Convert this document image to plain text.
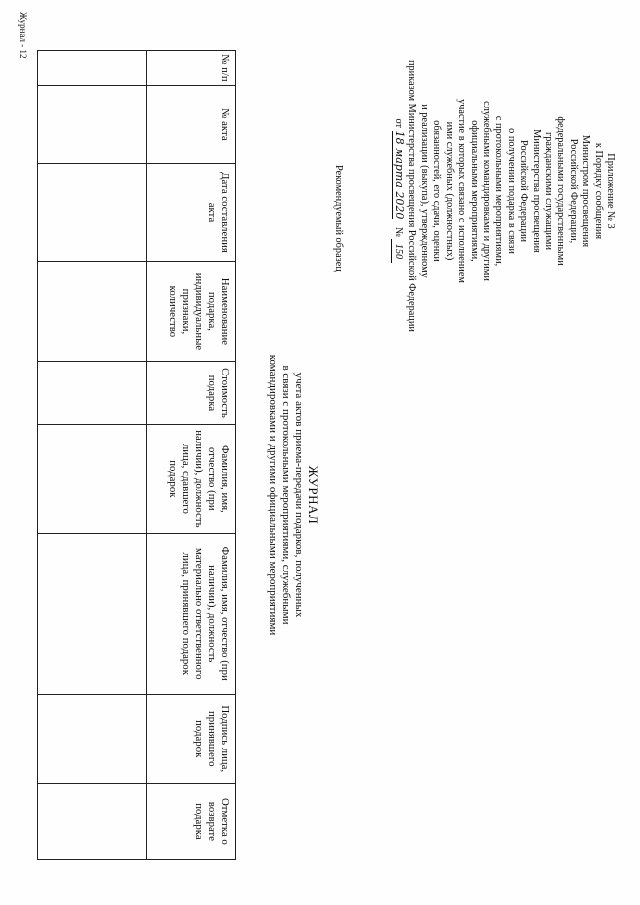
Приложение № 3
к Порядку сообщения
Министром просвещения
Российской Федерации,
федеральными государственными
гражданскими служащими
Министерства просвещения
Российской Федерации
о получении подарка в связи
с протокольными мероприятиями,
служебными командировками и другими
официальными мероприятиями,
участие в которых связано с исполнением
ими служебных (должностных)
обязанностей, его сдачи, оценки
и реализации (выкупа), утвержденному
приказом Министерства просвещения Российской Федерации
от 18 марта 2020   № 150
Рекомендуемый образец
ЖУРНАЛ
учета актов приема-передачи подарков, полученных
в связи с протокольными мероприятиями, служебными
командировками и другими официальными мероприятиями
№ п/п	№ акта	Дата составления акта	Наименование подарка, индивидуальные признаки, количество	Стоимость подарка	Фамилия, имя, отчество (при наличии), должность лица, сдавшего подарок	Фамилия, имя, отчество (при наличии), должность материально ответственного лица, принявшего подарок	Подпись лица, принявшего подарок	Отметка о возврате подарка

Журнал - 12
